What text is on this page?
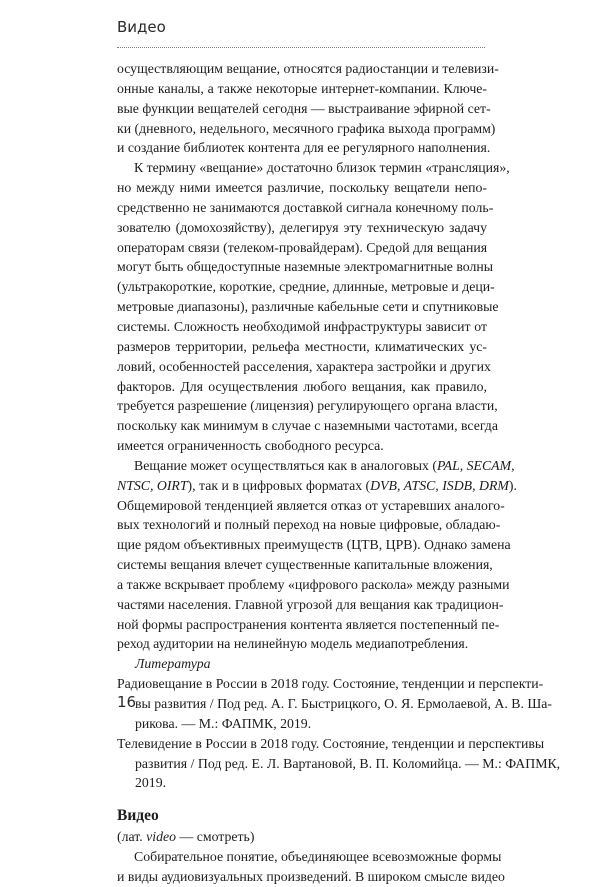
Видео
осуществляющим вещание, относятся радиостанции и телевизи-
онные каналы, а также некоторые интернет-компании. Ключе-
вые функции вещателей сегодня — выстраивание эфирной сет-
ки (дневного, недельного, месячного графика выхода программ)
и создание библиотек контента для ее регулярного наполнения.
К термину «вещание» достаточно близок термин «трансляция»,
но между ними имеется различие, поскольку вещатели непо-
средственно не занимаются доставкой сигнала конечному поль-
зователю (домохозяйству), делегируя эту техническую задачу
операторам связи (телеком-провайдерам). Средой для вещания
могут быть общедоступные наземные электромагнитные волны
(ультракороткие, короткие, средние, длинные, метровые и деци-
метровые диапазоны), различные кабельные сети и спутниковые
системы. Сложность необходимой инфраструктуры зависит от
размеров территории, рельефа местности, климатических ус-
ловий, особенностей расселения, характера застройки и других
факторов. Для осуществления любого вещания, как правило,
требуется разрешение (лицензия) регулирующего органа власти,
поскольку как минимум в случае с наземными частотами, всегда
имеется ограниченность свободного ресурса.
Вещание может осуществляться как в аналоговых (PAL, SECAM,
NTSC, OIRT), так и в цифровых форматах (DVB, ATSC, ISDB, DRM).
Общемировой тенденцией является отказ от устаревших аналого-
вых технологий и полный переход на новые цифровые, обладаю-
щие рядом объективных преимуществ (ЦТВ, ЦРВ). Однако замена
системы вещания влечет существенные капитальные вложения,
а также вскрывает проблему «цифрового раскола» между разными
частями населения. Главной угрозой для вещания как традицион-
ной формы распространения контента является постепенный пе-
реход аудитории на нелинейную модель медиапотребления.
Литература
Радиовещание в России в 2018 году. Состояние, тенденции и перспекти-
вы развития / Под ред. А. Г. Быстрицкого, О. Я. Ермолаевой, А. В. Ша-
рикова. — М.: ФАПМК, 2019.
Телевидение в России в 2018 году. Состояние, тенденции и перспективы
развития / Под ред. Е. Л. Вартановой, В. П. Коломийца. — М.: ФАПМК,
2019.
Видео
(лат. video — смотреть)
Собирательное понятие, объединяющее всевозможные формы
и виды аудиовизуальных произведений. В широком смысле видео
16
